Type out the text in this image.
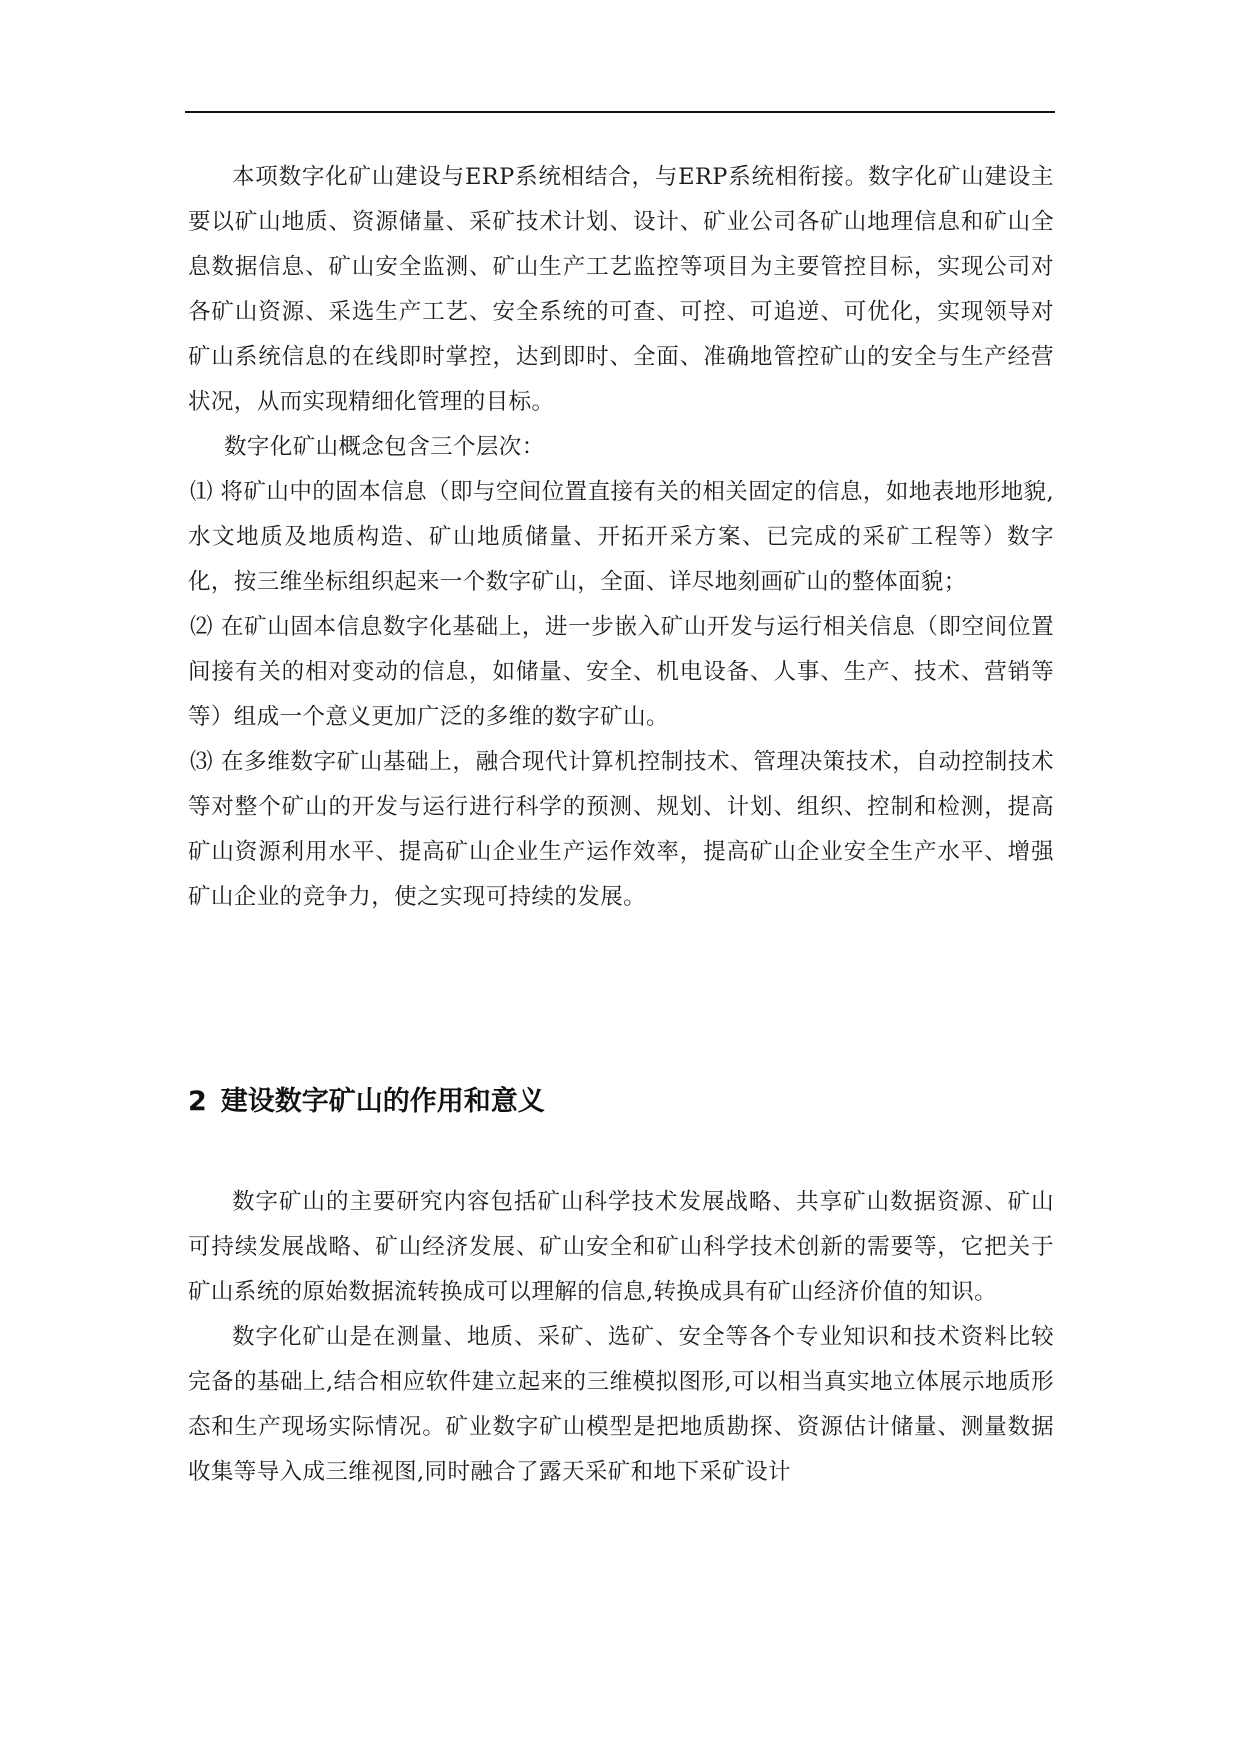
本项数字化矿山建设与ERP系统相结合，与ERP系统相衔接。数字化矿山建设主要以矿山地质、资源储量、采矿技术计划、设计、矿业公司各矿山地理信息和矿山全息数据信息、矿山安全监测、矿山生产工艺监控等项目为主要管控目标，实现公司对各矿山资源、采选生产工艺、安全系统的可查、可控、可追逆、可优化，实现领导对矿山系统信息的在线即时掌控，达到即时、全面、准确地管控矿山的安全与生产经营状况，从而实现精细化管理的目标。

数字化矿山概念包含三个层次：

⑴ 将矿山中的固本信息（即与空间位置直接有关的相关固定的信息，如地表地形地貌,水文地质及地质构造、矿山地质储量、开拓开采方案、已完成的采矿工程等）数字化，按三维坐标组织起来一个数字矿山，全面、详尽地刻画矿山的整体面貌；

⑵ 在矿山固本信息数字化基础上，进一步嵌入矿山开发与运行相关信息（即空间位置间接有关的相对变动的信息，如储量、安全、机电设备、人事、生产、技术、营销等等）组成一个意义更加广泛的多维的数字矿山。

⑶ 在多维数字矿山基础上，融合现代计算机控制技术、管理决策技术，自动控制技术等对整个矿山的开发与运行进行科学的预测、规划、计划、组织、控制和检测，提高矿山资源利用水平、提高矿山企业生产运作效率，提高矿山企业安全生产水平、增强矿山企业的竞争力，使之实现可持续的发展。

2 建设数字矿山的作用和意义

数字矿山的主要研究内容包括矿山科学技术发展战略、共享矿山数据资源、矿山可持续发展战略、矿山经济发展、矿山安全和矿山科学技术创新的需要等，它把关于矿山系统的原始数据流转换成可以理解的信息,转换成具有矿山经济价值的知识。

数字化矿山是在测量、地质、采矿、选矿、安全等各个专业知识和技术资料比较完备的基础上,结合相应软件建立起来的三维模拟图形,可以相当真实地立体展示地质形态和生产现场实际情况。矿业数字矿山模型是把地质勘探、资源估计储量、测量数据收集等导入成三维视图,同时融合了露天采矿和地下采矿设计
